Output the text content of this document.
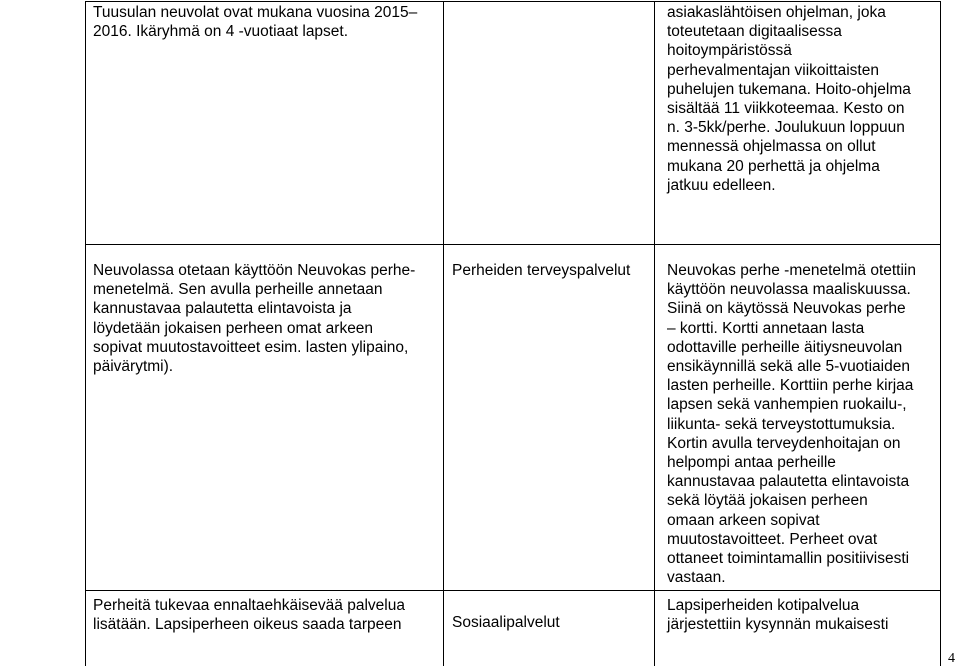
Tuusulan neuvolat ovat mukana vuosina 2015–
2016. Ikäryhmä on 4 -vuotiaat lapset.
asiakaslähtöisen ohjelman, joka
toteutetaan digitaalisessa
hoitoympäristössä
perhevalmentajan viikoittaisten
puhelujen tukemana. Hoito-ohjelma
sisältää 11 viikkoteemaa. Kesto on
n. 3-5kk/perhe. Joulukuun loppuun
mennessä ohjelmassa on ollut
mukana 20 perhettä ja ohjelma
jatkuu edelleen.
Neuvolassa otetaan käyttöön Neuvokas perhe-
menetelmä. Sen avulla perheille annetaan
kannustavaa palautetta elintavoista ja
löydetään jokaisen perheen omat arkeen
sopivat muutostavoitteet esim. lasten ylipaino,
päivärytmi).
Perheiden terveyspalvelut	Neuvokas perhe -menetelmä otettiin
käyttöön neuvolassa maaliskuussa.
Siinä on käytössä Neuvokas perhe
– kortti. Kortti annetaan lasta
odottaville perheille äitiysneuvolan
ensikäynnillä sekä alle 5-vuotiaiden
lasten perheille. Korttiin perhe kirjaa
lapsen sekä vanhempien ruokailu-,
liikunta- sekä terveystottumuksia.
Kortin avulla terveydenhoitajan on
helpompi antaa perheille
kannustavaa palautetta elintavoista
sekä löytää jokaisen perheen
omaan arkeen sopivat
muutostavoitteet. Perheet ovat
ottaneet toimintamallin positiivisesti
vastaan.
Perheitä tukevaa ennaltaehkäisevää palvelua
lisätään. Lapsiperheen oikeus saada tarpeen	Sosiaalipalvelut
Lapsiperheiden kotipalvelua
järjestettiin kysynnän mukaisesti
4
